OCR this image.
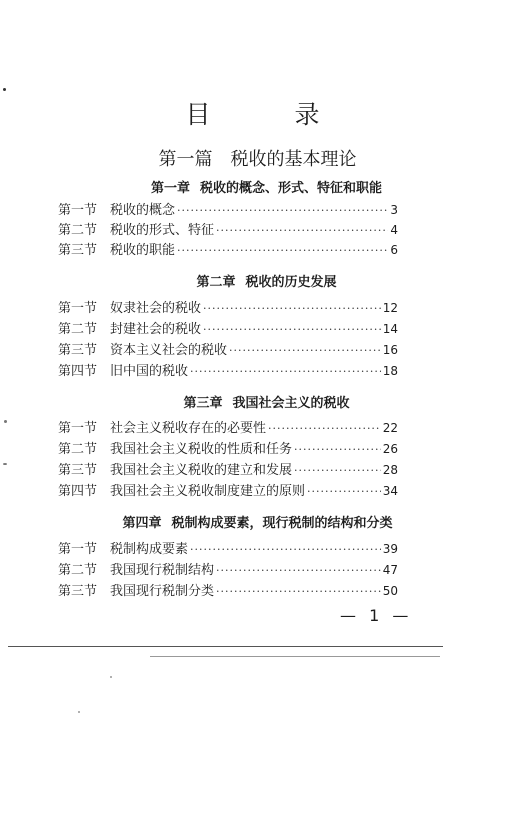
目 录
第一篇 税收的基本理论
第一章 税收的概念、形式、特征和职能
第一节 税收的概念 ·····	3
第二节 税收的形式、特征 ·····	4
第三节 税收的职能 ·····	6
第二章 税收的历史发展
第一节 奴隶社会的税收 ·····	12
第二节 封建社会的税收 ·····	14
第三节 资本主义社会的税收 ·····	16
第四节 旧中国的税收 ·····	18
第三章 我国社会主义的税收
第一节 社会主义税收存在的必要性 ·····	22
第二节 我国社会主义税收的性质和任务 ·····	26
第三节 我国社会主义税收的建立和发展 ·····	28
第四节 我国社会主义税收制度建立的原则 ·····	34
第四章 税制构成要素，现行税制的结构和分类
第一节 税制构成要素 ·····	39
第二节 我国现行税制结构 ·····	47
第三节 我国现行税制分类 ·····	50
— 1 —
